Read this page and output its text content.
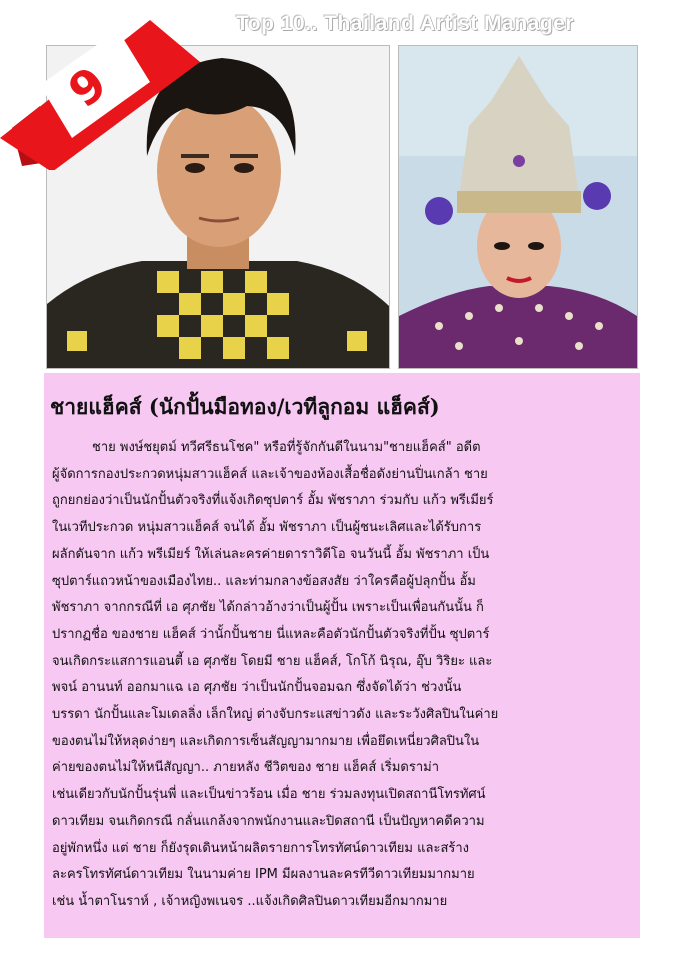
Top 10.. Thailand Artist Manager
9
ชายแฮ็คส์ (นักปั้นมือทอง/เวทีลูกอม แฮ็คส์)
ชาย พงษ์ชยุตม์ ทวีศรีธนโชค" หรือที่รู้จักกันดีในนาม"ชายแฮ็คส์" อดีต
ผู้จัดการกองประกวดหนุ่มสาวแฮ็คส์ และเจ้าของห้องเสื้อชื่อดังย่านปิ่นเกล้า ชาย
ถูกยกย่องว่าเป็นนักปั้นตัวจริงที่แจ้งเกิดซุปตาร์ อั้ม พัชราภา ร่วมกับ แก้ว พรีเมียร์
ในเวทีประกวด หนุ่มสาวแฮ็คส์ จนได้ อั้ม พัชราภา เป็นผู้ชนะเลิศและได้รับการ
ผลักดันจาก แก้ว พรีเมียร์ ให้เล่นละครค่ายดาราวิดีโอ จนวันนี้ อั้ม พัชราภา เป็น
ซุปตาร์แถวหน้าของเมืองไทย.. และท่ามกลางข้อสงสัย ว่าใครคือผู้ปลุกปั้น อั้ม
พัชราภา จากกรณีที่ เอ ศุภชัย ได้กล่าวอ้างว่าเป็นผู้ปั้น เพราะเป็นเพื่อนกันนั้น ก็
ปรากฏชื่อ ของชาย แฮ็คส์ ว่านั้กปั้นชาย นี่แหละคือตัวนักปั้นตัวจริงที่ปั้น ซุปตาร์
จนเกิดกระแสการแอนตี้ เอ ศุภชัย โดยมี ชาย แฮ็คส์, โกโก้ นิรุณ, อุ๊บ วิริยะ และ
พจน์ อานนท์ ออกมาแฉ เอ ศุภชัย ว่าเป็นนักปั้นจอมฉก ซึ่งจัดได้ว่า ช่วงนั้น
บรรดา นักปั้นและโมเดลลิ่ง เล็กใหญ่ ต่างจับกระแสข่าวดัง และระวังศิลปินในค่าย
ของตนไม่ให้หลุดง่ายๆ และเกิดการเซ็นสัญญามากมาย เพื่อยึดเหนี่ยวศิลปินใน
ค่ายของตนไม่ให้หนีสัญญา.. ภายหลัง ชีวิตของ ชาย แฮ็คส์ เริ่มดราม่า
เช่นเดียวกับนักปั้นรุ่นพี่ และเป็นข่าวร้อน เมื่อ ชาย ร่วมลงทุนเปิดสถานีโทรทัศน์
ดาวเทียม จนเกิดกรณี กลั่นแกล้งจากพนักงานและปิดสถานี เป็นปัญหาคดีความ
อยู่พักหนึ่ง แต่ ชาย ก็ยังรุดเดินหน้าผลิตรายการโทรทัศน์ดาวเทียม และสร้าง
ละครโทรทัศน์ดาวเทียม ในนามค่าย IPM มีผลงานละครทีวีดาวเทียมมากมาย
เช่น น้ำตาโนราห์ , เจ้าหญิงพเนจร ..แจ้งเกิดศิลปินดาวเทียมอีกมากมาย
